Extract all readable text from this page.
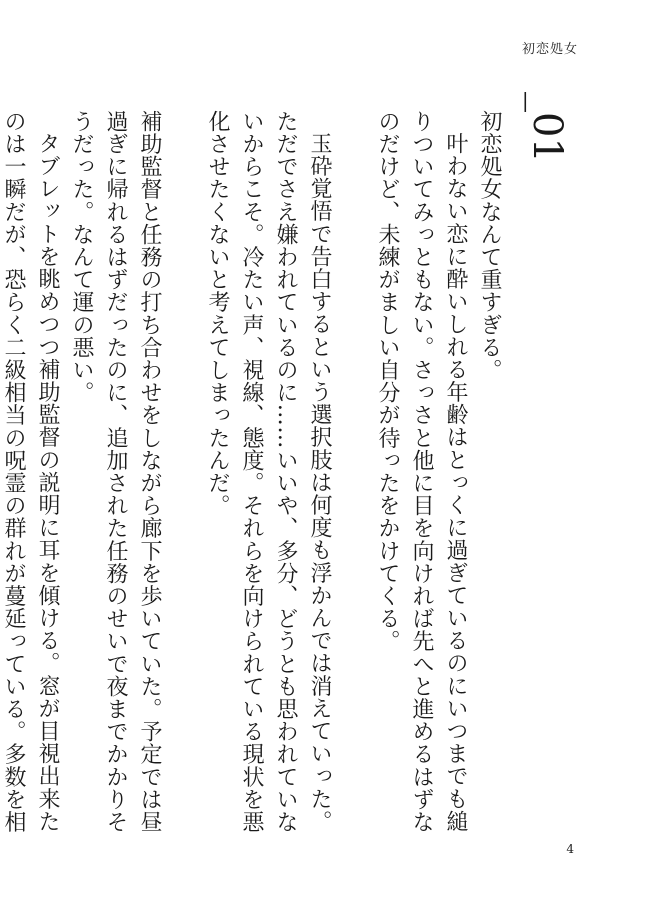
初恋処女
_01

初恋処女なんて重すぎる。

叶わない恋に酔いしれる年齢はとっくに過ぎているのにいつまでも縋りついてみっともない。さっさと他に目を向ければ先へと進めるはずなのだけど、未練がましい自分が待ったをかけてくる。

玉砕覚悟で告白するという選択肢は何度も浮かんでは消えていった。ただでさえ嫌われているのに……いいや、多分、どうとも思われていないからこそ。冷たい声、視線、態度。それらを向けられている現状を悪化させたくないと考えてしまったんだ。

補助監督と任務の打ち合わせをしながら廊下を歩いていた。予定では昼過ぎに帰れるはずだったのに、追加された任務のせいで夜までかかりそうだった。なんて運の悪い。

タブレットを眺めつつ補助監督の説明に耳を傾ける。窓が目視出来たのは一瞬だが、恐らく二級相当の呪霊の群れが蔓延っている。多数を相

4
